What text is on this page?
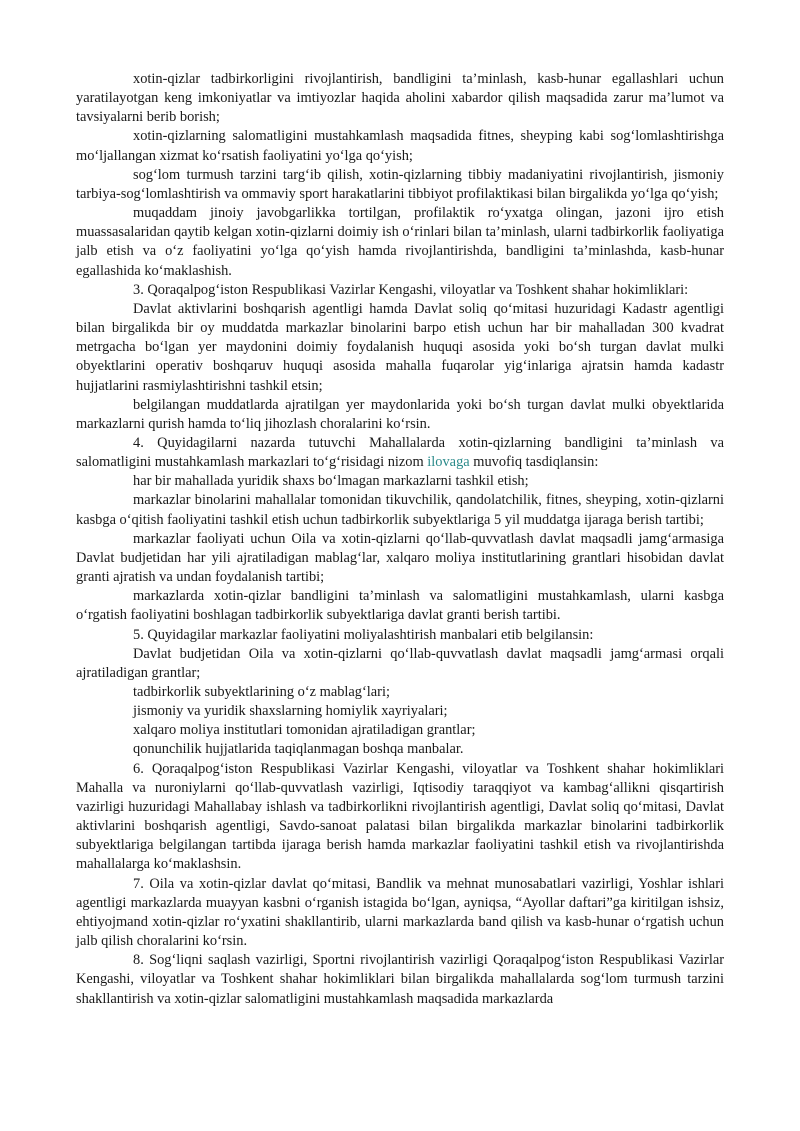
xotin-qizlar tadbirkorligini rivojlantirish, bandligini ta’minlash, kasb-hunar egallashlari uchun yaratilayotgan keng imkoniyatlar va imtiyozlar haqida aholini xabardor qilish maqsadida zarur ma’lumot va tavsiyalarni berib borish;

xotin-qizlarning salomatligini mustahkamlash maqsadida fitnes, sheyping kabi sog‘lomlashtirishga mo‘ljallangan xizmat ko‘rsatish faoliyatini yo‘lga qo‘yish;

sog‘lom turmush tarzini targ‘ib qilish, xotin-qizlarning tibbiy madaniyatini rivojlantirish, jismoniy tarbiya-sog‘lomlashtirish va ommaviy sport harakatlarini tibbiyot profilaktikasi bilan birgalikda yo‘lga qo‘yish;

muqaddam jinoiy javobgarlikka tortilgan, profilaktik ro‘yxatga olingan, jazoni ijro etish muassasalaridan qaytib kelgan xotin-qizlarni doimiy ish o‘rinlari bilan ta’minlash, ularni tadbirkorlik faoliyatiga jalb etish va o‘z faoliyatini yo‘lga qo‘yish hamda rivojlantirishda, bandligini ta’minlashda, kasb-hunar egallashida ko‘maklashish.

3. Qoraqalpog‘iston Respublikasi Vazirlar Kengashi, viloyatlar va Toshkent shahar hokimliklari:

Davlat aktivlarini boshqarish agentligi hamda Davlat soliq qo‘mitasi huzuridagi Kadastr agentligi bilan birgalikda bir oy muddatda markazlar binolarini barpo etish uchun har bir mahalladan 300 kvadrat metrgacha bo‘lgan yer maydonini doimiy foydalanish huquqi asosida yoki bo‘sh turgan davlat mulki obyektlarini operativ boshqaruv huquqi asosida mahalla fuqarolar yig‘inlariga ajratsin hamda kadastr hujjatlarini rasmiylashtirishni tashkil etsin;

belgilangan muddatlarda ajratilgan yer maydonlarida yoki bo‘sh turgan davlat mulki obyektlarida markazlarni qurish hamda to‘liq jihozlash choralarini ko‘rsin.

4. Quyidagilarni nazarda tutuvchi Mahallalarda xotin-qizlarning bandligini ta’minlash va salomatligini mustahkamlash markazlari to‘g‘risidagi nizom ilovaga muvofiq tasdiqlansin:

har bir mahallada yuridik shaxs bo‘lmagan markazlarni tashkil etish;

markazlar binolarini mahallalar tomonidan tikuvchilik, qandolatchilik, fitnes, sheyping, xotin-qizlarni kasbga o‘qitish faoliyatini tashkil etish uchun tadbirkorlik subyektlariga 5 yil muddatga ijaraga berish tartibi;

markazlar faoliyati uchun Oila va xotin-qizlarni qo‘llab-quvvatlash davlat maqsadli jamg‘armasiga Davlat budjetidan har yili ajratiladigan mablag‘lar, xalqaro moliya institutlarining grantlari hisobidan davlat granti ajratish va undan foydalanish tartibi;

markazlarda xotin-qizlar bandligini ta’minlash va salomatligini mustahkamlash, ularni kasbga o‘rgatish faoliyatini boshlagan tadbirkorlik subyektlariga davlat granti berish tartibi.

5. Quyidagilar markazlar faoliyatini moliyalashtirish manbalari etib belgilansin:

Davlat budjetidan Oila va xotin-qizlarni qo‘llab-quvvatlash davlat maqsadli jamg‘armasi orqali ajratiladigan grantlar;

tadbirkorlik subyektlarining o‘z mablag‘lari;

jismoniy va yuridik shaxslarning homiylik xayriyalari;

xalqaro moliya institutlari tomonidan ajratiladigan grantlar;

qonunchilik hujjatlarida taqiqlanmagan boshqa manbalar.

6. Qoraqalpog‘iston Respublikasi Vazirlar Kengashi, viloyatlar va Toshkent shahar hokimliklari Mahalla va nuroniylarni qo‘llab-quvvatlash vazirligi, Iqtisodiy taraqqiyot va kambag‘allikni qisqartirish vazirligi huzuridagi Mahallabay ishlash va tadbirkorlikni rivojlantirish agentligi, Davlat soliq qo‘mitasi, Davlat aktivlarini boshqarish agentligi, Savdo-sanoat palatasi bilan birgalikda markazlar binolarini tadbirkorlik subyektlariga belgilangan tartibda ijaraga berish hamda markazlar faoliyatini tashkil etish va rivojlantirishda mahallalarga ko‘maklashsin.

7. Oila va xotin-qizlar davlat qo‘mitasi, Bandlik va mehnat munosabatlari vazirligi, Yoshlar ishlari agentligi markazlarda muayyan kasbni o‘rganish istagida bo‘lgan, ayniqsa, “Ayollar daftari”ga kiritilgan ishsiz, ehtiyojmand xotin-qizlar ro‘yxatini shakllantirib, ularni markazlarda band qilish va kasb-hunar o‘rgatish uchun jalb qilish choralarini ko‘rsin.

8. Sog‘liqni saqlash vazirligi, Sportni rivojlantirish vazirligi Qoraqalpog‘iston Respublikasi Vazirlar Kengashi, viloyatlar va Toshkent shahar hokimliklari bilan birgalikda mahallalarda sog‘lom turmush tarzini shakllantirish va xotin-qizlar salomatligini mustahkamlash maqsadida markazlarda
